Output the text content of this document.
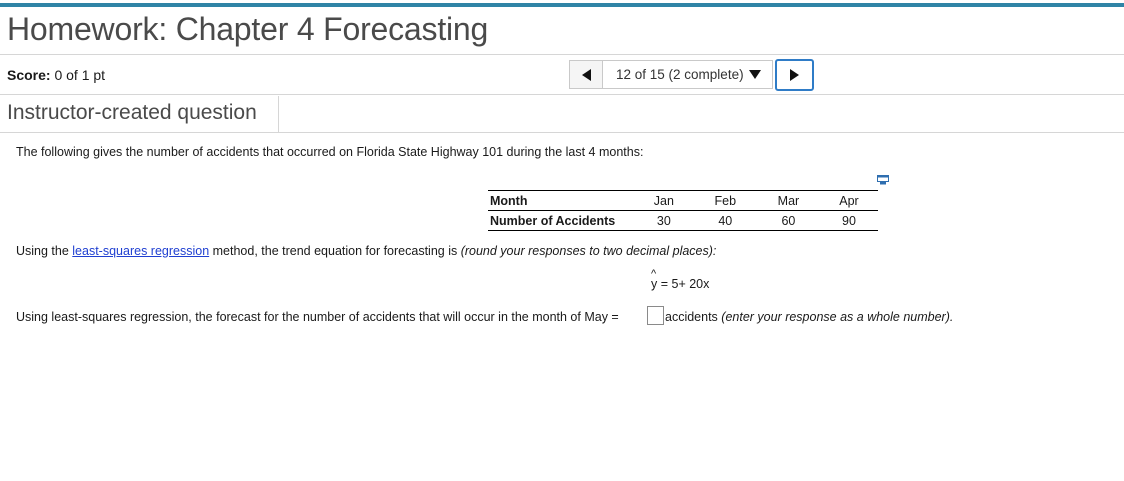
Homework: Chapter 4 Forecasting
Score: 0 of 1 pt	12 of 15 (2 complete)
Instructor-created question
The following gives the number of accidents that occurred on Florida State Highway 101 during the last 4 months:
Month	Jan	Feb	Mar	Apr
Number of Accidents	30	40	60	90
Using the least-squares regression method, the trend equation for forecasting is (round your responses to two decimal places):
^
y = 5+ 20x
Using least-squares regression, the forecast for the number of accidents that will occur in the month of May =	accidents (enter your response as a whole number).
